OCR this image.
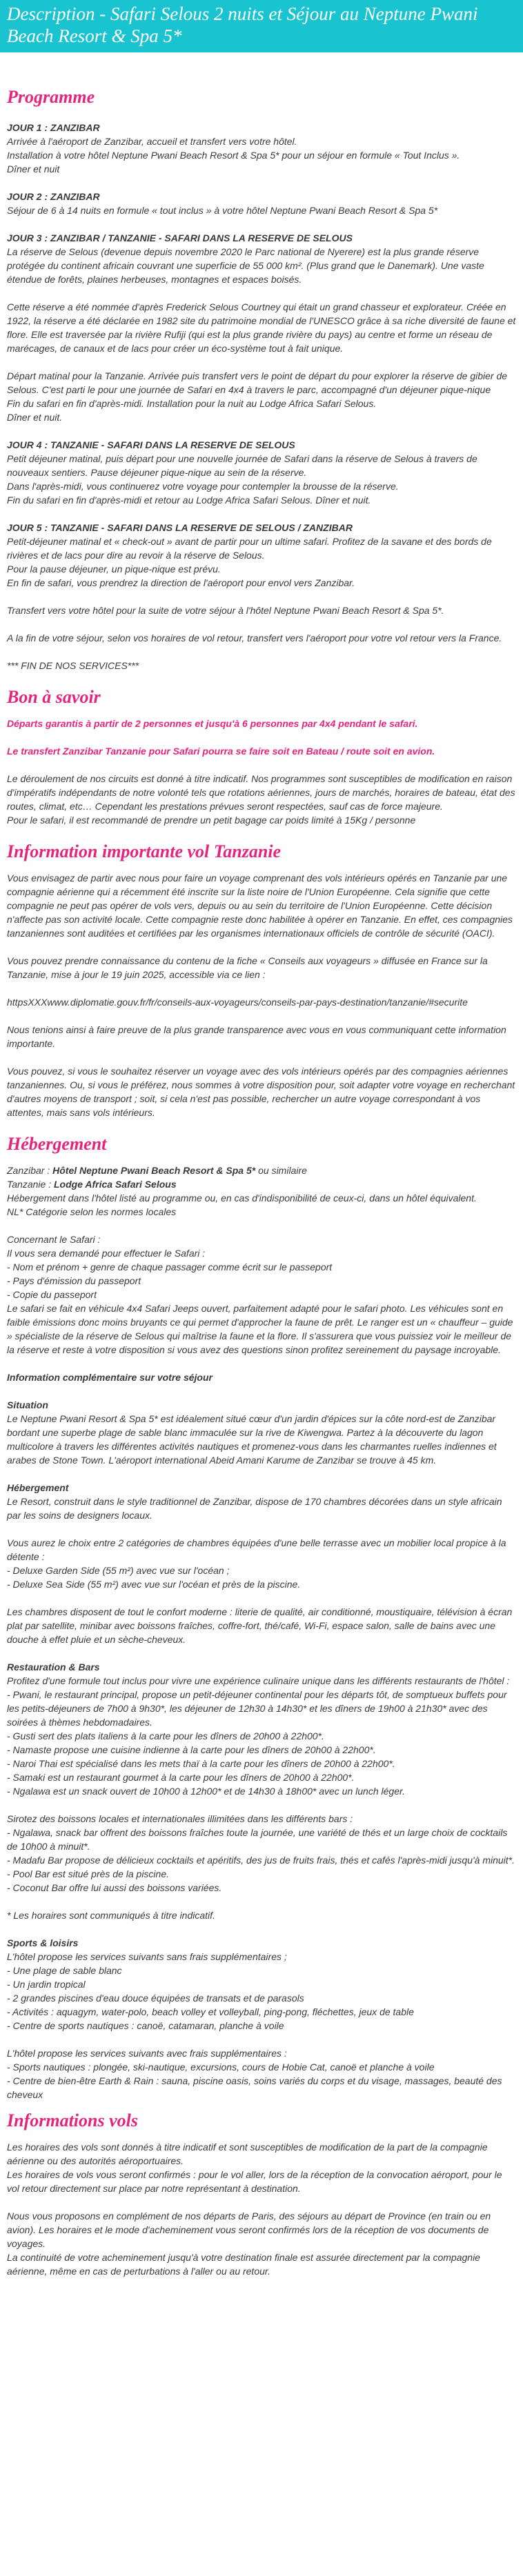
Description - Safari Selous 2 nuits et Séjour au Neptune Pwani Beach Resort & Spa 5*
Programme

JOUR 1 : ZANZIBAR

Arrivée à l'aéroport de Zanzibar, accueil et transfert vers votre hôtel.

Installation à votre hôtel Neptune Pwani Beach Resort & Spa 5* pour un séjour en formule « Tout Inclus ».

Dîner et nuit

JOUR 2 : ZANZIBAR

Séjour de 6 à 14 nuits en formule « tout inclus » à votre hôtel Neptune Pwani Beach Resort & Spa 5*

JOUR 3 : ZANZIBAR / TANZANIE - SAFARI DANS LA RESERVE DE SELOUS

La réserve de Selous (devenue depuis novembre 2020 le Parc national de Nyerere) est la plus grande réserve protégée du continent africain couvrant une superficie de 55 000 km². (Plus grand que le Danemark). Une vaste étendue de forêts, plaines herbeuses, montagnes et espaces boisés.

Cette réserve a été nommée d'après Frederick Selous Courtney qui était un grand chasseur et explorateur. Créée en 1922, la réserve a été déclarée en 1982 site du patrimoine mondial de l'UNESCO grâce à sa riche diversité de faune et flore. Elle est traversée par la rivière Rufiji (qui est la plus grande rivière du pays) au centre et forme un réseau de marécages, de canaux et de lacs pour créer un éco-système tout à fait unique.

Départ matinal pour la Tanzanie. Arrivée puis transfert vers le point de départ du pour explorer la réserve de gibier de Selous. C'est parti le pour une journée de Safari en 4x4 à travers le parc, accompagné d'un déjeuner pique-nique

Fin du safari en fin d'après-midi. Installation pour la nuit au Lodge Africa Safari Selous.

Dîner et nuit.

JOUR 4 : TANZANIE - SAFARI DANS LA RESERVE DE SELOUS

Petit déjeuner matinal, puis départ pour une nouvelle journée de Safari dans la réserve de Selous à travers de nouveaux sentiers. Pause déjeuner pique-nique au sein de la réserve.

Dans l'après-midi, vous continuerez votre voyage pour contempler la brousse de la réserve.

Fin du safari en fin d'après-midi et retour au Lodge Africa Safari Selous. Dîner et nuit.

JOUR 5 : TANZANIE - SAFARI DANS LA RESERVE DE SELOUS / ZANZIBAR

Petit-déjeuner matinal et « check-out » avant de partir pour un ultime safari. Profitez de la savane et des bords de rivières et de lacs pour dire au revoir à la réserve de Selous.

Pour la pause déjeuner, un pique-nique est prévu.

En fin de safari, vous prendrez la direction de l'aéroport pour envol vers Zanzibar.

Transfert vers votre hôtel pour la suite de votre séjour à l'hôtel Neptune Pwani Beach Resort & Spa 5*.

A la fin de votre séjour, selon vos horaires de vol retour, transfert vers l'aéroport pour votre vol retour vers la France.

*** FIN DE NOS SERVICES***

Bon à savoir

Départs garantis à partir de 2 personnes et jusqu'à 6 personnes par 4x4 pendant le safari.

Le transfert Zanzibar Tanzanie pour Safari pourra se faire soit en Bateau / route soit en avion.

Le déroulement de nos circuits est donné à titre indicatif. Nos programmes sont susceptibles de modification en raison d'impératifs indépendants de notre volonté tels que rotations aériennes, jours de marchés, horaires de bateau, état des routes, climat, etc… Cependant les prestations prévues seront respectées, sauf cas de force majeure.

Pour le safari, il est recommandé de prendre un petit bagage car poids limité à 15Kg / personne

Information importante vol Tanzanie

Vous envisagez de partir avec nous pour faire un voyage comprenant des vols intérieurs opérés en Tanzanie par une compagnie aérienne qui a récemment été inscrite sur la liste noire de l'Union Européenne. Cela signifie que cette compagnie ne peut pas opérer de vols vers, depuis ou au sein du territoire de l'Union Européenne. Cette décision n'affecte pas son activité locale. Cette compagnie reste donc habilitée à opérer en Tanzanie. En effet, ces compagnies tanzaniennes sont auditées et certifiées par les organismes internationaux officiels de contrôle de sécurité (OACI).

Vous pouvez prendre connaissance du contenu de la fiche « Conseils aux voyageurs » diffusée en France sur la Tanzanie, mise à jour le 19 juin 2025, accessible via ce lien :

httpsXXXwww.diplomatie.gouv.fr/fr/conseils-aux-voyageurs/conseils-par-pays-destination/tanzanie/#securite

Nous tenions ainsi à faire preuve de la plus grande transparence avec vous en vous communiquant cette information importante.

Vous pouvez, si vous le souhaitez réserver un voyage avec des vols intérieurs opérés par des compagnies aériennes tanzaniennes. Ou, si vous le préférez, nous sommes à votre disposition pour, soit adapter votre voyage en recherchant d'autres moyens de transport ; soit, si cela n'est pas possible, rechercher un autre voyage correspondant à vos attentes, mais sans vols intérieurs.

Hébergement

Zanzibar : Hôtel Neptune Pwani Beach Resort & Spa 5* ou similaire

Tanzanie : Lodge Africa Safari Selous

Hébergement dans l'hôtel listé au programme ou, en cas d'indisponibilité de ceux-ci, dans un hôtel équivalent.

NL* Catégorie selon les normes locales

Concernant le Safari :

Il vous sera demandé pour effectuer le Safari :

- Nom et prénom + genre de chaque passager comme écrit sur le passeport

- Pays d'émission du passeport

- Copie du passeport

Le safari se fait en véhicule 4x4 Safari Jeeps ouvert, parfaitement adapté pour le safari photo. Les véhicules sont en faible émissions donc moins bruyants ce qui permet d'approcher la faune de prêt. Le ranger est un « chauffeur – guide » spécialiste de la réserve de Selous qui maîtrise la faune et la flore. Il s'assurera que vous puissiez voir le meilleur de la réserve et reste à votre disposition si vous avez des questions sinon profitez sereinement du paysage incroyable.

Information complémentaire sur votre séjour

Situation

Le Neptune Pwani Resort & Spa 5* est idéalement situé cœur d'un jardin d'épices sur la côte nord-est de Zanzibar bordant une superbe plage de sable blanc immaculée sur la rive de Kiwengwa. Partez à la découverte du lagon multicolore à travers les différentes activités nautiques et promenez-vous dans les charmantes ruelles indiennes et arabes de Stone Town. L'aéroport international Abeid Amani Karume de Zanzibar se trouve à 45 km.

Hébergement

Le Resort, construit dans le style traditionnel de Zanzibar, dispose de 170 chambres décorées dans un style africain par les soins de designers locaux.

Vous aurez le choix entre 2 catégories de chambres équipées d'une belle terrasse avec un mobilier local propice à la détente :

- Deluxe Garden Side (55 m²) avec vue sur l'océan ;

- Deluxe Sea Side (55 m²) avec vue sur l'océan et près de la piscine.

Les chambres disposent de tout le confort moderne : literie de qualité, air conditionné, moustiquaire, télévision à écran plat par satellite, minibar avec boissons fraîches, coffre-fort, thé/café, Wi-Fi, espace salon, salle de bains avec une douche à effet pluie et un sèche-cheveux.

Restauration & Bars

Profitez d'une formule tout inclus pour vivre une expérience culinaire unique dans les différents restaurants de l'hôtel :

- Pwani, le restaurant principal, propose un petit-déjeuner continental pour les départs tôt, de somptueux buffets pour les petits-déjeuners de 7h00 à 9h30*, les déjeuner de 12h30 à 14h30* et les dîners de 19h00 à 21h30* avec des soirées à thèmes hebdomadaires.

- Gusti sert des plats italiens à la carte pour les dîners de 20h00 à 22h00*.

- Namaste propose une cuisine indienne à la carte pour les dîners de 20h00 à 22h00*.

- Naroi Thai est spécialisé dans les mets thaï à la carte pour les dîners de 20h00 à 22h00*.

- Samaki est un restaurant gourmet à la carte pour les dîners de 20h00 à 22h00*.

- Ngalawa est un snack ouvert de 10h00 à 12h00* et de 14h30 à 18h00* avec un lunch léger.

Sirotez des boissons locales et internationales illimitées dans les différents bars :

- Ngalawa, snack bar offrent des boissons fraîches toute la journée, une variété de thés et un large choix de cocktails de 10h00 à minuit*.

- Madafu Bar propose de délicieux cocktails et apéritifs, des jus de fruits frais, thés et cafés l'après-midi jusqu'à minuit*.

- Pool Bar est situé près de la piscine.

- Coconut Bar offre lui aussi des boissons variées.

* Les horaires sont communiqués à titre indicatif.

Sports & loisirs

L'hôtel propose les services suivants sans frais supplémentaires ;

- Une plage de sable blanc

- Un jardin tropical

- 2 grandes piscines d'eau douce équipées de transats et de parasols

- Activités : aquagym, water-polo, beach volley et volleyball, ping-pong, fléchettes, jeux de table

- Centre de sports nautiques : canoë, catamaran, planche à voile

L'hôtel propose les services suivants avec frais supplémentaires :

- Sports nautiques : plongée, ski-nautique, excursions, cours de Hobie Cat, canoë et planche à voile

- Centre de bien-être Earth & Rain : sauna, piscine oasis, soins variés du corps et du visage, massages, beauté des cheveux

Informations vols

Les horaires des vols sont donnés à titre indicatif et sont susceptibles de modification de la part de la compagnie aérienne ou des autorités aéroportuaires.

Les horaires de vols vous seront confirmés : pour le vol aller, lors de la réception de la convocation aéroport, pour le vol retour directement sur place par notre représentant à destination.

Nous vous proposons en complément de nos départs de Paris, des séjours au départ de Province (en train ou en avion). Les horaires et le mode d'acheminement vous seront confirmés lors de la réception de vos documents de voyages.

La continuité de votre acheminement jusqu'à votre destination finale est assurée directement par la compagnie aérienne, même en cas de perturbations à l'aller ou au retour.
